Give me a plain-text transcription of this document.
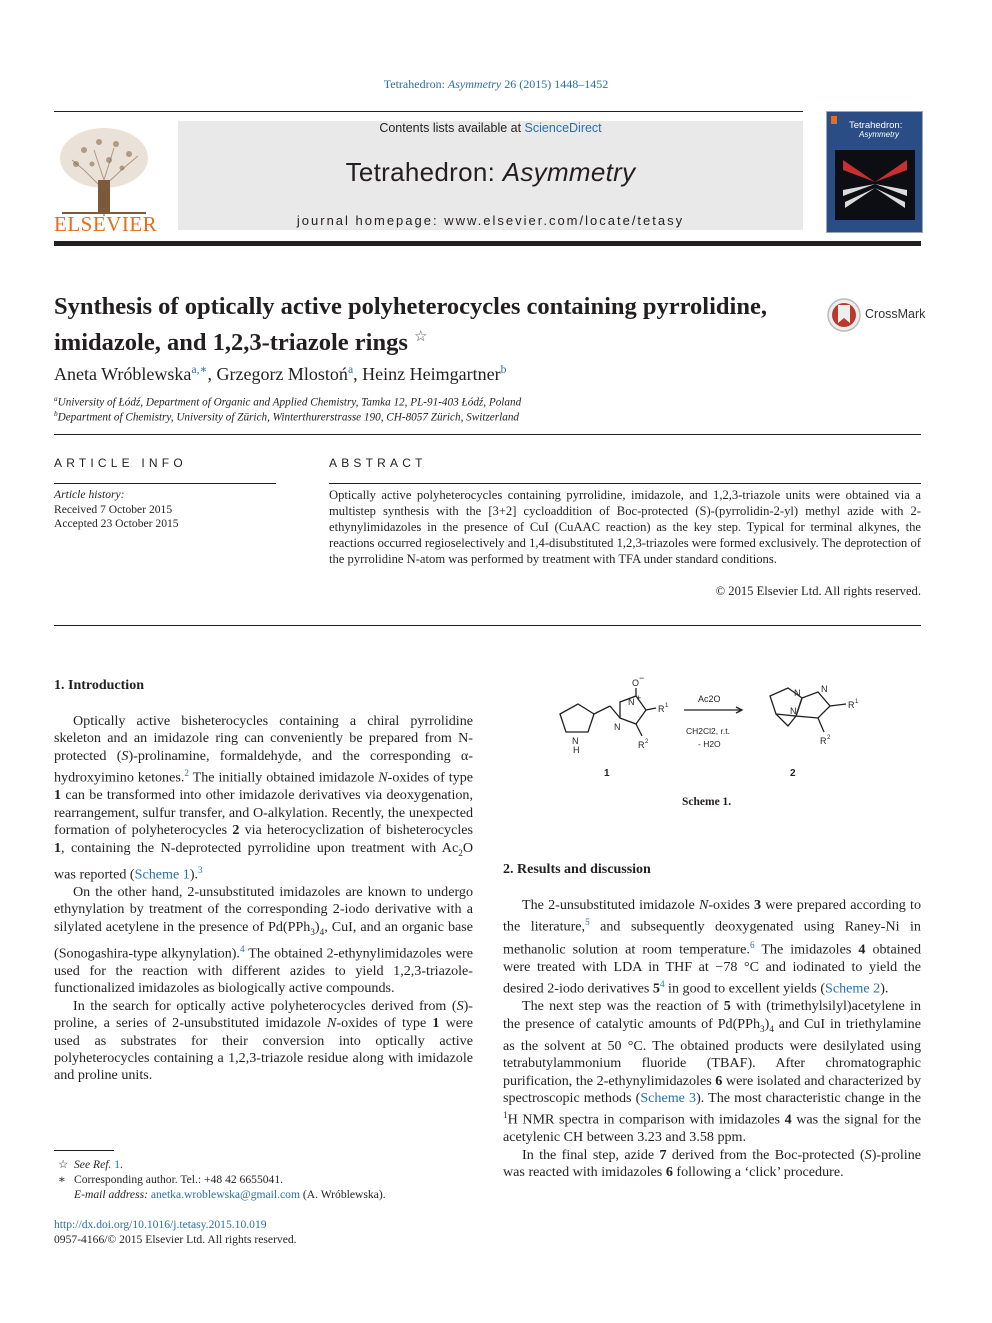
Tetrahedron: Asymmetry 26 (2015) 1448–1452
ELSEVIER
Contents lists available at ScienceDirect
Tetrahedron: Asymmetry
journal homepage: www.elsevier.com/locate/tetasy
Tetrahedron:
Asymmetry
Synthesis of optically active polyheterocycles containing pyrrolidine, imidazole, and 1,2,3-triazole rings ☆
CrossMark
Aneta Wróblewska$^{a,∗}$, Grzegorz Mlostoń$^a$, Heinz Heimgartner$^b$
$^a$University of Łódź, Department of Organic and Applied Chemistry, Tamka 12, PL-91-403 Łódź, Poland
$^b$Department of Chemistry, University of Zürich, Winterthurerstrasse 190, CH-8057 Zürich, Switzerland
ARTICLE INFO
Article history:
Received 7 October 2015
Accepted 23 October 2015
ABSTRACT
Optically active polyheterocycles containing pyrrolidine, imidazole, and 1,2,3-triazole units were obtained via a multistep synthesis with the [3+2] cycloaddition of Boc-protected (S)-(pyrrolidin-2-yl) methyl azide with 2-ethynylimidazoles in the presence of CuI (CuAAC reaction) as the key step. Typical for terminal alkynes, the reactions occurred regioselectively and 1,4-disubstituted 1,2,3-triazoles were formed exclusively. The deprotection of the pyrrolidine N-atom was performed by treatment with TFA under standard conditions.
© 2015 Elsevier Ltd. All rights reserved.
1. Introduction

Optically active bisheterocycles containing a chiral pyrrolidine skeleton and an imidazole ring can conveniently be prepared from N-protected (S)-prolinamine, formaldehyde, and the corresponding α-hydroxyimino ketones.$^2$ The initially obtained imidazole N-oxides of type 1 can be transformed into other imidazole derivatives via deoxygenation, rearrangement, sulfur transfer, and O-alkylation. Recently, the unexpected formation of polyheterocycles 2 via heterocyclization of bisheterocycles 1, containing the N-deprotected pyrrolidine upon treatment with $Ac_2O$ was reported (Scheme 1).$^3$

On the other hand, 2-unsubstituted imidazoles are known to undergo ethynylation by treatment of the corresponding 2-iodo derivative with a silylated acetylene in the presence of $Pd(PPh_3)_4$, CuI, and an organic base (Sonogashira-type alkynylation).$^4$ The obtained 2-ethynylimidazoles were used for the reaction with different azides to yield 1,2,3-triazole-functionalized imidazoles as biologically active compounds.

In the search for optically active polyheterocycles derived from (S)-proline, a series of 2-unsubstituted imidazole N-oxides of type 1 were used as substrates for their conversion into optically active polyheterocycles containing a 1,2,3-triazole residue along with imidazole and proline units.

N
H
O −
N +
N
R 1
R 2
N
N
N
R 1
R 2
Ac2O
CH2Cl2, r.t.
- H2O
1	2
Scheme 1.
2. Results and discussion

The 2-unsubstituted imidazole N-oxides 3 were prepared according to the literature,$^5$ and subsequently deoxygenated using Raney-Ni in methanolic solution at room temperature.$^6$ The imidazoles 4 obtained were treated with LDA in THF at −78 °C and iodinated to yield the desired 2-iodo derivatives $5^4$ in good to excellent yields (Scheme 2).

The next step was the reaction of 5 with (trimethylsilyl)acetylene in the presence of catalytic amounts of $Pd(PPh_3)_4$ and CuI in triethylamine as the solvent at 50 °C. The obtained products were desilylated using tetrabutylammonium fluoride (TBAF). After chromatographic purification, the 2-ethynylimidazoles 6 were isolated and characterized by spectroscopic methods (Scheme 3). The most characteristic change in the $^1$H NMR spectra in comparison with imidazoles 4 was the signal for the acetylenic CH between 3.23 and 3.58 ppm.

In the final step, azide 7 derived from the Boc-protected (S)-proline was reacted with imidazoles 6 following a ‘click’ procedure.

☆ See Ref. 1.
∗ Corresponding author. Tel.: +48 42 6655041.
E-mail address: anetka.wroblewska@gmail.com (A. Wróblewska).
http://dx.doi.org/10.1016/j.tetasy.2015.10.019
0957-4166/© 2015 Elsevier Ltd. All rights reserved.
